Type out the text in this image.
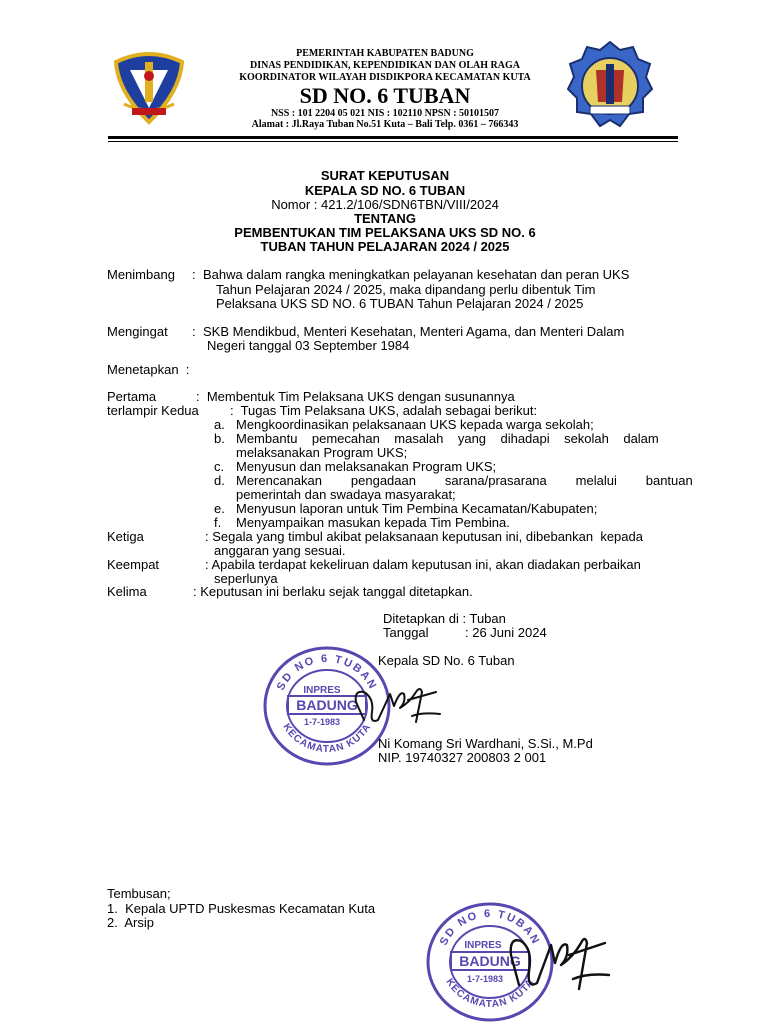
PEMERINTAH KABUPATEN BADUNG
DINAS PENDIDIKAN, KEPENDIDIKAN DAN OLAH RAGA
KOORDINATOR WILAYAH DISDIKPORA KECAMATAN KUTA
SD NO. 6 TUBAN
NSS : 101 2204 05 021 NIS : 102110 NPSN : 50101507
Alamat : Jl.Raya Tuban No.51 Kuta – Bali Telp. 0361 – 766343
SURAT KEPUTUSAN
KEPALA SD NO. 6 TUBAN
Nomor : 421.2/106/SDN6TBN/VIII/2024
TENTANG
PEMBENTUKAN TIM PELAKSANA UKS SD NO. 6
TUBAN TAHUN PELAJARAN 2024 / 2025
Menimbang : Bahwa dalam rangka meningkatkan pelayanan kesehatan dan peran UKS
Tahun Pelajaran 2024 / 2025, maka dipandang perlu dibentuk Tim
Pelaksana UKS SD NO. 6 TUBAN Tahun Pelajaran 2024 / 2025
Mengingat : SKB Mendikbud, Menteri Kesehatan, Menteri Agama, dan Menteri Dalam
Negeri tanggal 03 September 1984
Menetapkan  :
Pertama	:  Membentuk Tim Pelaksana UKS dengan susunannya
terlampir Kedua :  Tugas Tim Pelaksana UKS, adalah sebagai berikut:
a. Mengkoordinasikan pelaksanaan UKS kepada warga sekolah;
b. Membantu    pemecahan    masalah    yang    dihadapi    sekolah    dalam
melaksanakan Program UKS;
c. Menyusun dan melaksanakan Program UKS;
d. Merencanakan        pengadaan        sarana/prasarana        melalui        bantuan
pemerintah dan swadaya masyarakat;
e. Menyusun laporan untuk Tim Pembina Kecamatan/Kabupaten;
f. Menyampaikan masukan kepada Tim Pembina.
Ketiga	: Segala yang timbul akibat pelaksanaan keputusan ini, dibebankan  kepada
anggaran yang sesuai.
Keempat	: Apabila terdapat kekeliruan dalam keputusan ini, akan diadakan perbaikan
seperlunya
Kelima	: Keputusan ini berlaku sejak tanggal ditetapkan.
Ditetapkan di : Tuban
Tanggal	: 26 Juni 2024
Kepala SD No. 6 Tuban
SD NO 6 TUBAN
KECAMATAN KUTA
INPRES
BADUNG
1-7-1983
Ni Komang Sri Wardhani, S.Si., M.Pd
NIP. 19740327 200803 2 001
Tembusan;
1.  Kepala UPTD Puskesmas Kecamatan Kuta
2.  Arsip
SD NO 6 TUBAN
KECAMATAN KUTA
INPRES
BADUNG
1-7-1983
